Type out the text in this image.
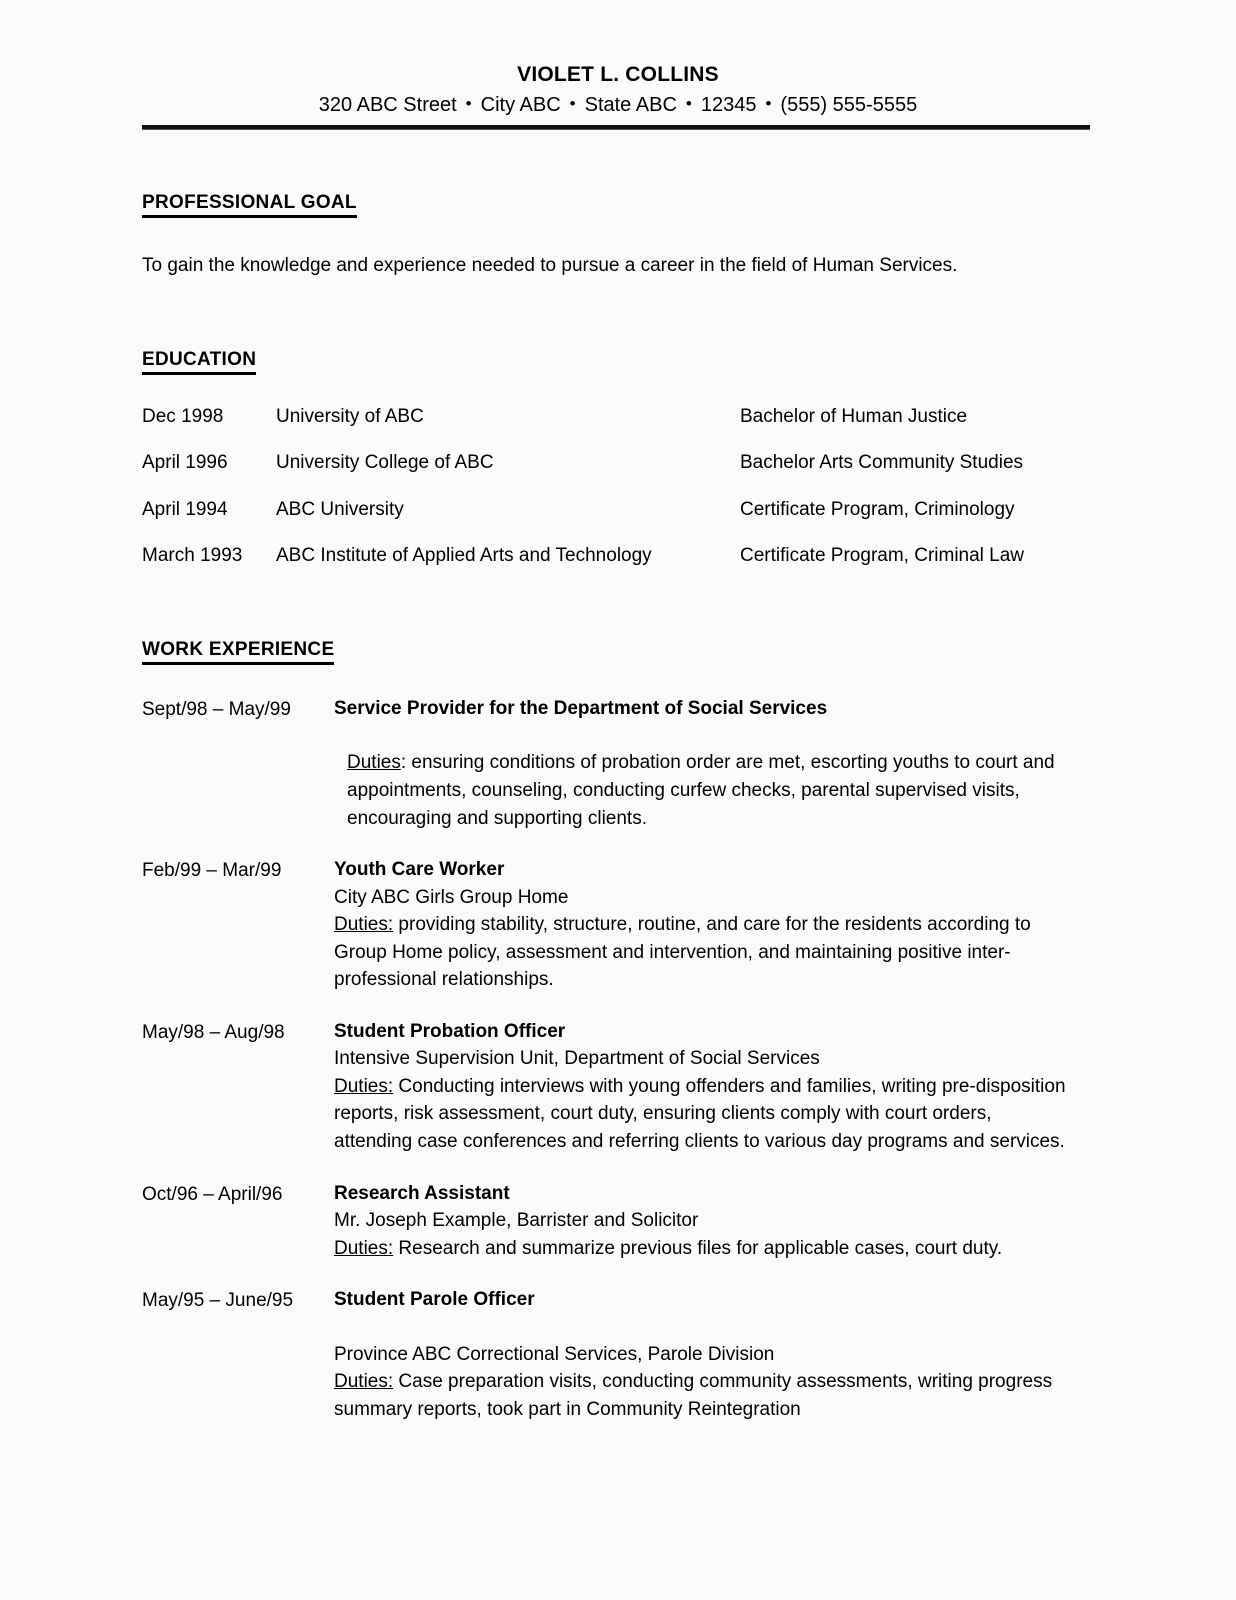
VIOLET L. COLLINS
320 ABC Street • City ABC • State ABC • 12345 • (555) 555-5555
PROFESSIONAL GOAL

To gain the knowledge and experience needed to pursue a career in the field of Human Services.

EDUCATION
Dec 1998	University of ABC	Bachelor of Human Justice
April 1996	University College of ABC	Bachelor Arts Community Studies
April 1994	ABC University	Certificate Program, Criminology
March 1993	ABC Institute of Applied Arts and Technology	Certificate Program, Criminal Law
WORK EXPERIENCE
Sept/98 – May/99	Service Provider for the Department of Social Services
Duties: ensuring conditions of probation order are met, escorting youths to court and appointments, counseling, conducting curfew checks, parental supervised visits, encouraging and supporting clients.
Feb/99 – Mar/99	Youth Care Worker
City ABC Girls Group Home
Duties: providing stability, structure, routine, and care for the residents according to Group Home policy, assessment and intervention, and maintaining positive inter-professional relationships.
May/98 – Aug/98	Student Probation Officer
Intensive Supervision Unit, Department of Social Services
Duties: Conducting interviews with young offenders and families, writing pre-disposition reports, risk assessment, court duty, ensuring clients comply with court orders, attending case conferences and referring clients to various day programs and services.
Oct/96 – April/96	Research Assistant
Mr. Joseph Example, Barrister and Solicitor
Duties: Research and summarize previous files for applicable cases, court duty.
May/95 – June/95	Student Parole Officer
Province ABC Correctional Services, Parole Division
Duties: Case preparation visits, conducting community assessments, writing progress summary reports, took part in Community Reintegration
